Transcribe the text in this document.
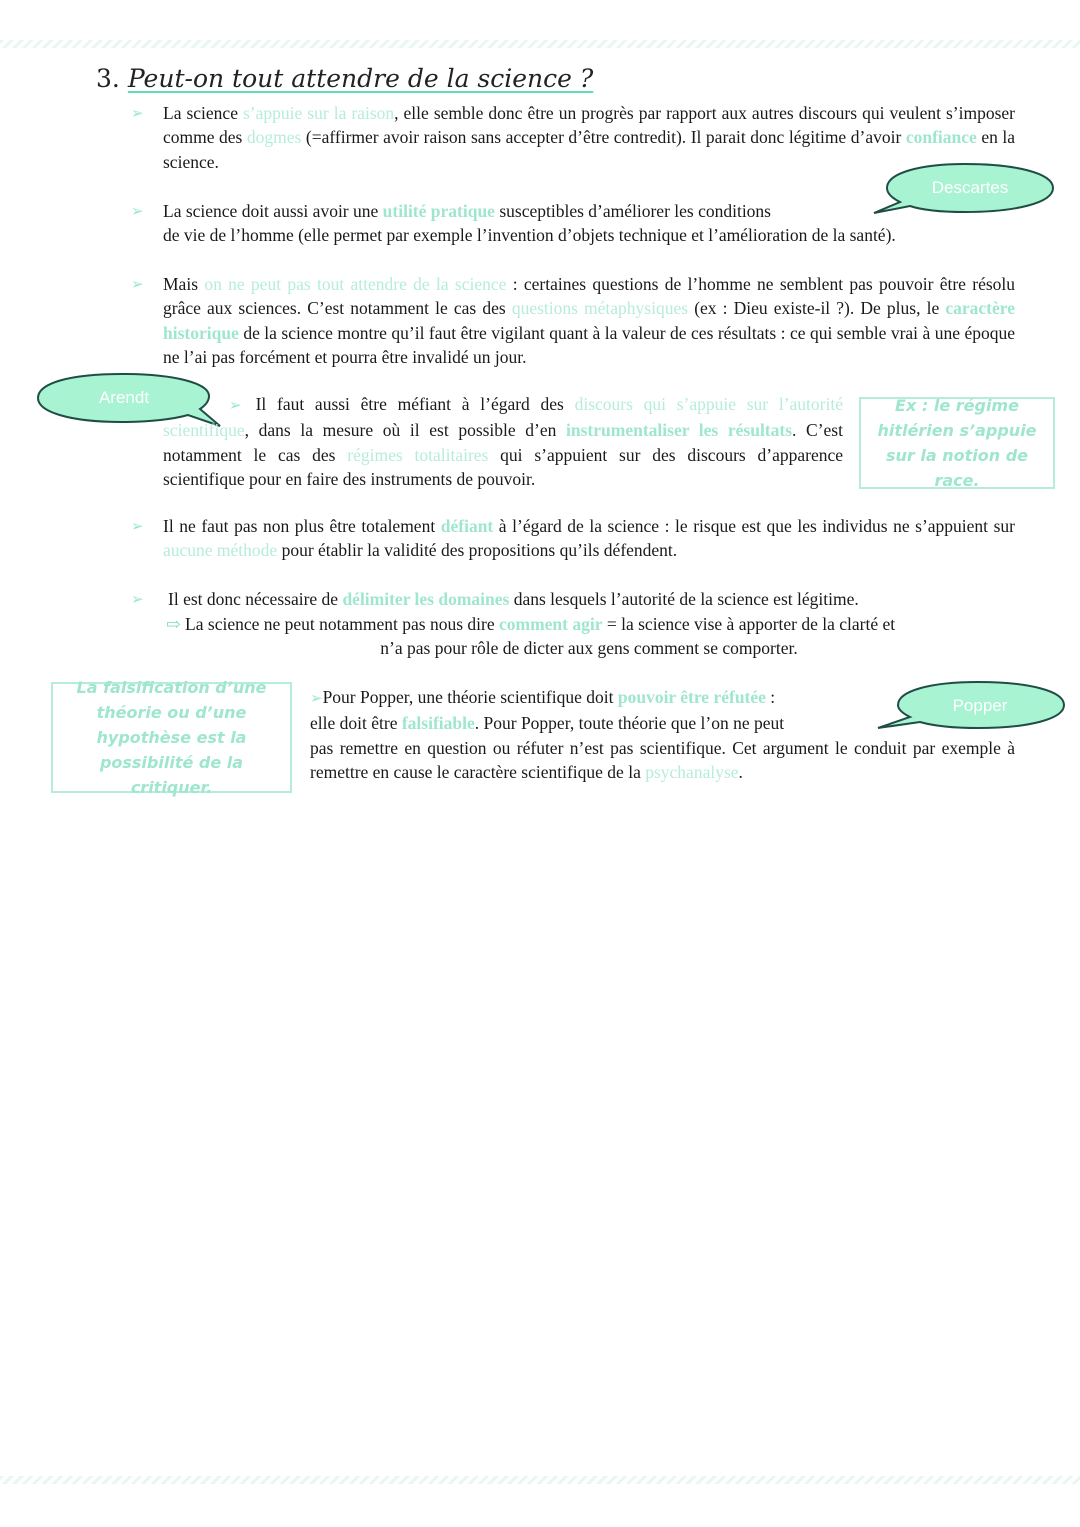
3. Peut-on tout attendre de la science ?
➢ La science s’appuie sur la raison, elle semble donc être un progrès par rapport aux autres discours qui veulent s’imposer comme des dogmes (=affirmer avoir raison sans accepter d’être contredit). Il parait donc légitime d’avoir confiance en la science.
➢ La science doit aussi avoir une utilité pratique susceptibles d’améliorer les conditions
de vie de l’homme (elle permet par exemple l’invention d’objets technique et l’amélioration de la santé).
Descartes
➢ Mais on ne peut pas tout attendre de la science : certaines questions de l’homme ne semblent pas pouvoir être résolu grâce aux sciences. C’est notamment le cas des questions métaphysiques (ex : Dieu existe-il ?). De plus, le caractère historique de la science montre qu’il faut être vigilant quant à la valeur de ces résultats : ce qui semble vrai à une époque ne l’ai pas forcément et pourra être invalidé un jour.
Arendt	➢ Il faut aussi être méfiant à l’égard des discours qui s’appuie sur l’autorité scientifique, dans la mesure où il est possible d’en instrumentaliser les résultats. C’est notamment le cas des régimes totalitaires qui s’appuient sur des discours d’apparence scientifique pour en faire des instruments de pouvoir.
Ex : le régime hitlérien s’appuie sur la notion de race.
➢ Il ne faut pas non plus être totalement défiant à l’égard de la science : le risque est que les individus ne s’appuient sur aucune méthode pour établir la validité des propositions qu’ils défendent.
➢ Il est donc nécessaire de délimiter les domaines dans lesquels l’autorité de la science est légitime.
⇨ La science ne peut notamment pas nous dire comment agir = la science vise à apporter de la clarté et
n’a pas pour rôle de dicter aux gens comment se comporter.
La falsification d’une théorie ou d’une hypothèse est la possibilité de la critiquer.
➢Pour Popper, une théorie scientifique doit pouvoir être réfutée :
elle doit être falsifiable. Pour Popper, toute théorie que l’on ne peut
pas remettre en question ou réfuter n’est pas scientifique. Cet argument le conduit par exemple à remettre en cause le caractère scientifique de la psychanalyse.
Popper
